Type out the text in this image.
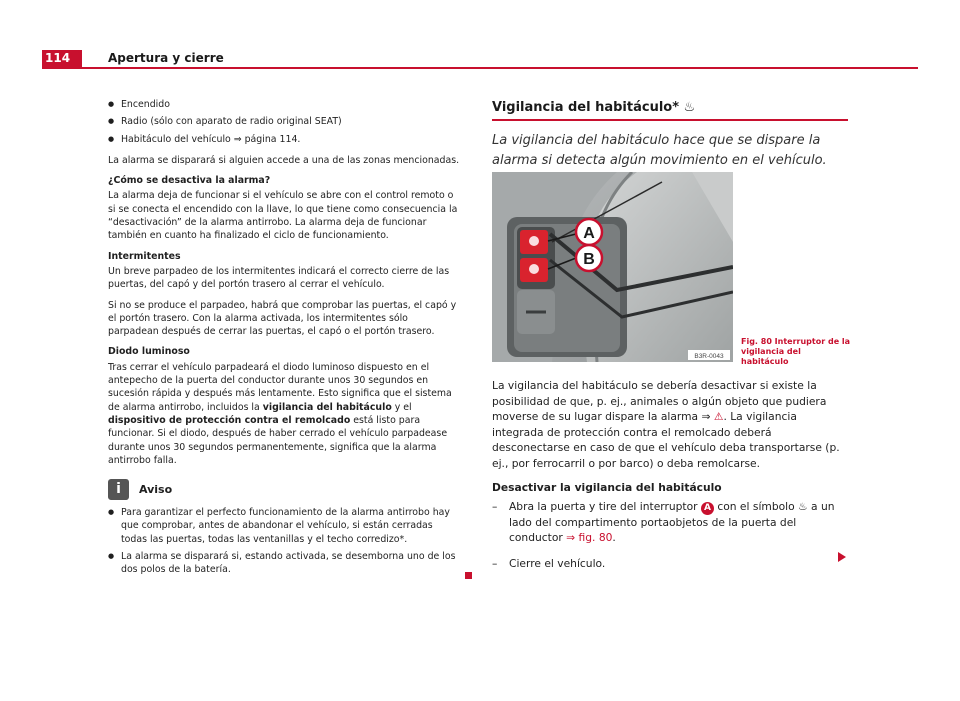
114	Apertura y cierre
● Encendido
● Radio (sólo con aparato de radio original SEAT)
● Habitáculo del vehículo ⇒ página 114.

La alarma se disparará si alguien accede a una de las zonas mencionadas.

¿Cómo se desactiva la alarma?

La alarma deja de funcionar si el vehículo se abre con el control remoto o si se conecta el encendido con la llave, lo que tiene como consecuencia la “desactivación” de la alarma antirrobo. La alarma deja de funcionar también en cuanto ha finalizado el ciclo de funcionamiento.

Intermitentes

Un breve parpadeo de los intermitentes indicará el correcto cierre de las puertas, del capó y del portón trasero al cerrar el vehículo.

Si no se produce el parpadeo, habrá que comprobar las puertas, el capó y el portón trasero. Con la alarma activada, los intermitentes sólo parpadean después de cerrar las puertas, el capó o el portón trasero.

Diodo luminoso

Tras cerrar el vehículo parpadeará el diodo luminoso dispuesto en el antepecho de la puerta del conductor durante unos 30 segundos en sucesión rápida y después más lentamente. Esto significa que el sistema de alarma antirrobo, incluidos la vigilancia del habitáculo y el dispositivo de protección contra el remolcado está listo para funcionar. Si el diodo, después de haber cerrado el vehículo parpadease durante unos 30 segundos permanentemente, significa que la alarma antirrobo falla.

i	Aviso
● Para garantizar el perfecto funcionamiento de la alarma antirrobo hay que comprobar, antes de abandonar el vehículo, si están cerradas todas las puertas, todas las ventanillas y el techo corredizo*.
● La alarma se disparará si, estando activada, se desemborna uno de los dos polos de la batería.
Vigilancia del habitáculo* ♨
La vigilancia del habitáculo hace que se dispare la alarma si detecta algún movimiento en el vehículo.
A
B
B3R-0043
Fig. 80 Interruptor de la vigilancia del habitáculo

La vigilancia del habitáculo se debería desactivar si existe la posibilidad de que, p. ej., animales o algún objeto que pudiera moverse de su lugar dispare la alarma ⇒ ⚠. La vigilancia integrada de protección contra el remolcado deberá desconectarse en caso de que el vehículo deba transportarse (p. ej., por ferrocarril o por barco) o deba remolcarse.

Desactivar la vigilancia del habitáculo
– Abra la puerta y tire del interruptor A con el símbolo ♨ a un lado del compartimento portaobjetos de la puerta del conductor ⇒ fig. 80.
– Cierre el vehículo.
